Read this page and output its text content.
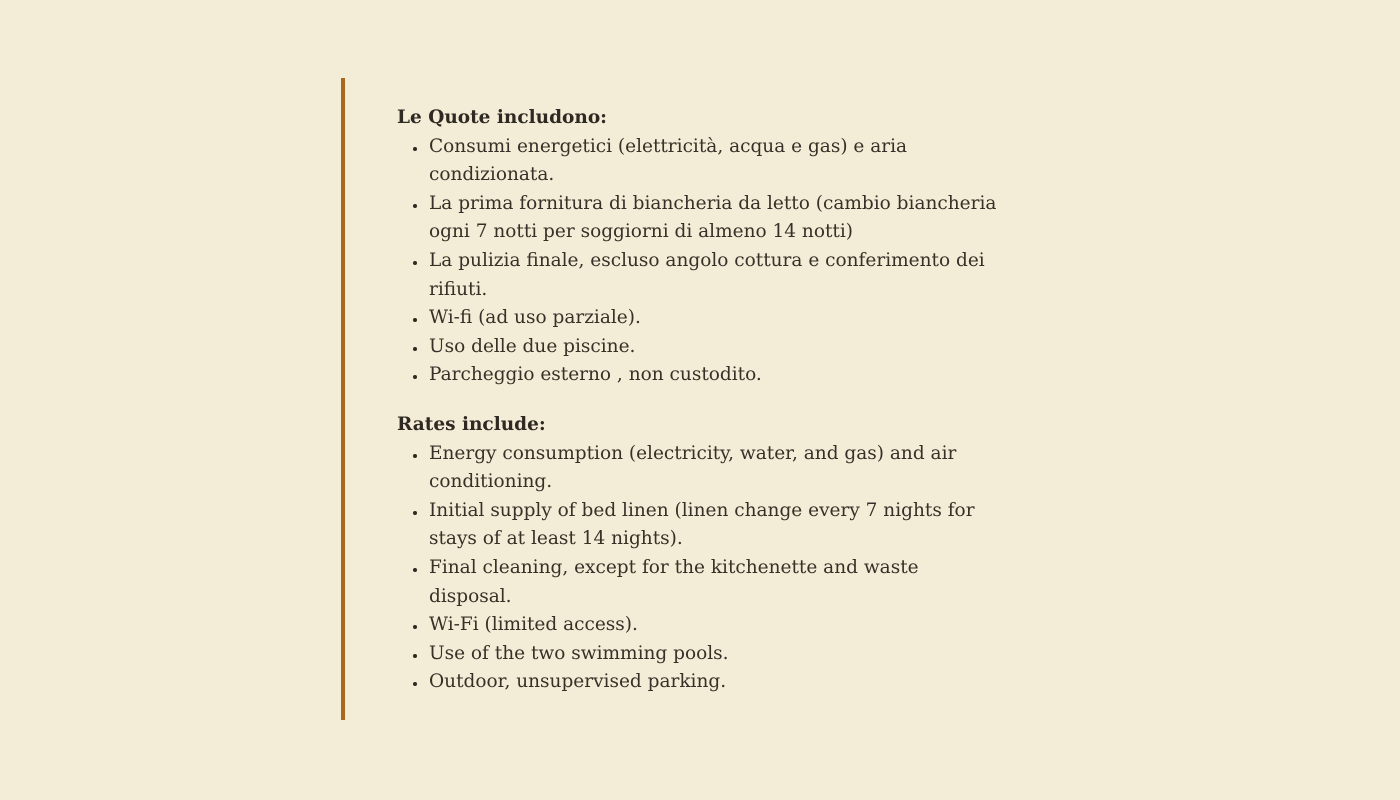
Le Quote includono:
• Consumi energetici (elettricità, acqua e gas) e aria condizionata.
• La prima fornitura di biancheria da letto (cambio biancheria ogni 7 notti per soggiorni di almeno 14 notti)
• La pulizia finale, escluso angolo cottura e conferimento dei rifiuti.
• Wi-fi (ad uso parziale).
• Uso delle due piscine.
• Parcheggio esterno , non custodito.
Rates include:
• Energy consumption (electricity, water, and gas) and air conditioning.
• Initial supply of bed linen (linen change every 7 nights for stays of at least 14 nights).
• Final cleaning, except for the kitchenette and waste disposal.
• Wi-Fi (limited access).
• Use of the two swimming pools.
• Outdoor, unsupervised parking.
